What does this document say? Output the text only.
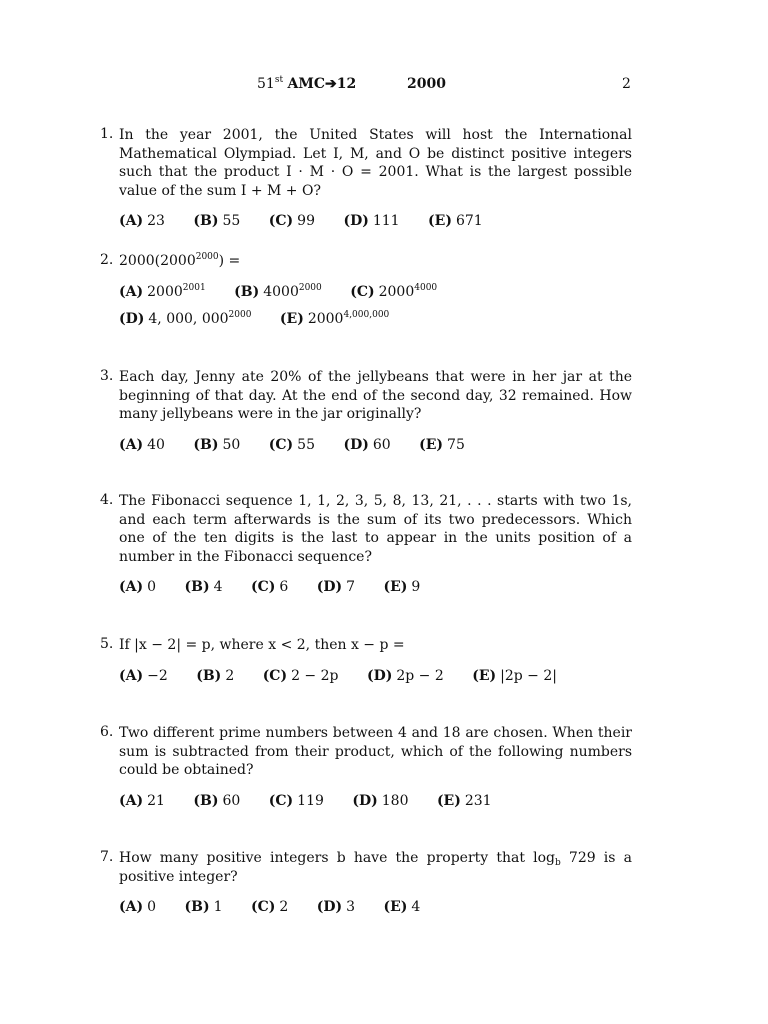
51st AMC➔12	2000	2
1. In the year 2001, the United States will host the International Mathematical Olympiad. Let I, M, and O be distinct positive integers such that the product I · M · O = 2001. What is the largest possible value of the sum I + M + O?
(A) 23 (B) 55 (C) 99 (D) 111 (E) 671
2. $2000(2000^{2000})$ =
(A) $2000^{2001}$ (B) $4000^{2000}$ (C) $2000^{4000}$
(D) 4, 000, $000^{2000}$ (E) 2000$^{4,000,000}$
3. Each day, Jenny ate 20% of the jellybeans that were in her jar at the beginning of that day. At the end of the second day, 32 remained. How many jellybeans were in the jar originally?
(A) 40 (B) 50 (C) 55 (D) 60 (E) 75
4. The Fibonacci sequence 1, 1, 2, 3, 5, 8, 13, 21, . . . starts with two 1s, and each term afterwards is the sum of its two predecessors. Which one of the ten digits is the last to appear in the units position of a number in the Fibonacci sequence?
(A) 0 (B) 4 (C) 6 (D) 7 (E) 9
5. If |x − 2| = p, where x < 2, then x − p =
(A) −2 (B) 2 (C) 2 − 2p (D) 2p − 2 (E) |2p − 2|
6. Two different prime numbers between 4 and 18 are chosen. When their sum is subtracted from their product, which of the following numbers could be obtained?
(A) 21 (B) 60 (C) 119 (D) 180 (E) 231
7. How many positive integers b have the property that $\log_b 729$ is a positive integer?
(A) 0 (B) 1 (C) 2 (D) 3 (E) 4
